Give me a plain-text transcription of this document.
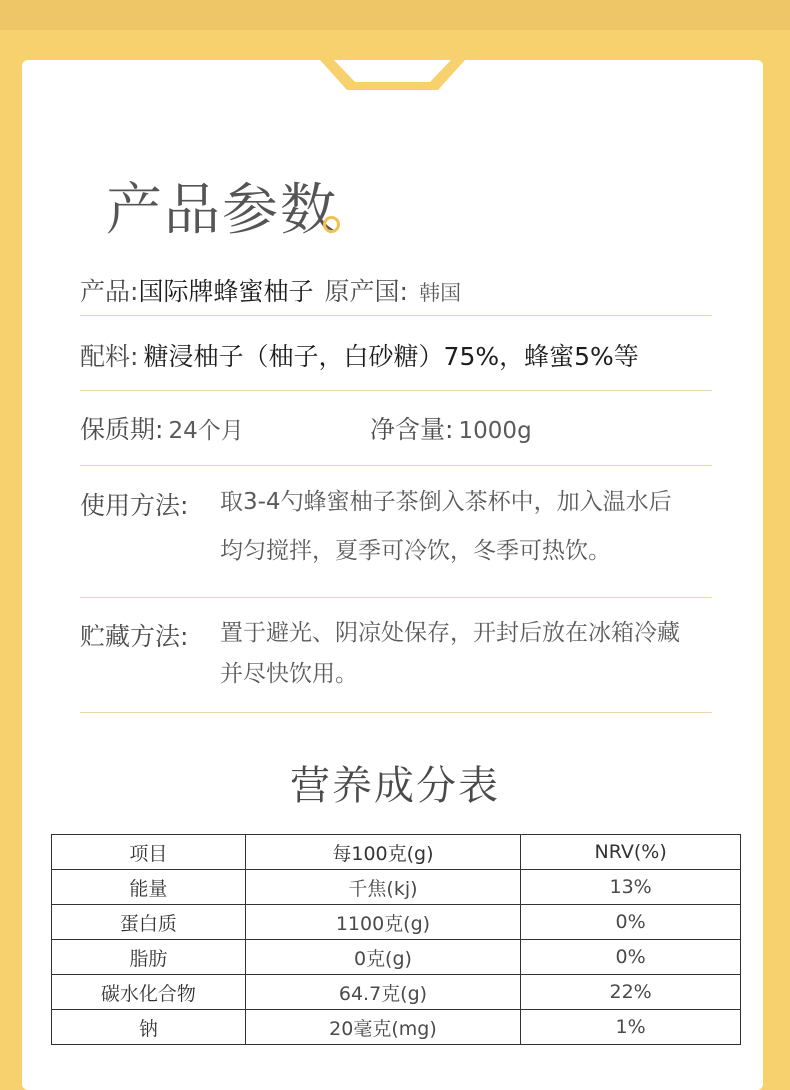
产品参数
产品:国际牌蜂蜜柚子 原产国: 韩国
配料: 糖浸柚子（柚子，白砂糖）75%，蜂蜜5%等
保质期: 24个月	净含量: 1000g
使用方法: 取3-4勺蜂蜜柚子茶倒入茶杯中，加入温水后
均匀搅拌，夏季可冷饮，冬季可热饮。
贮藏方法: 置于避光、阴凉处保存，开封后放在冰箱冷藏
并尽快饮用。
营养成分表
项目	每100克(g)	NRV(%)
能量	千焦(kj)	13%
蛋白质	1100克(g)	0%
脂肪	0克(g)	0%
碳水化合物	64.7克(g)	22%
钠	20毫克(mg)	1%
